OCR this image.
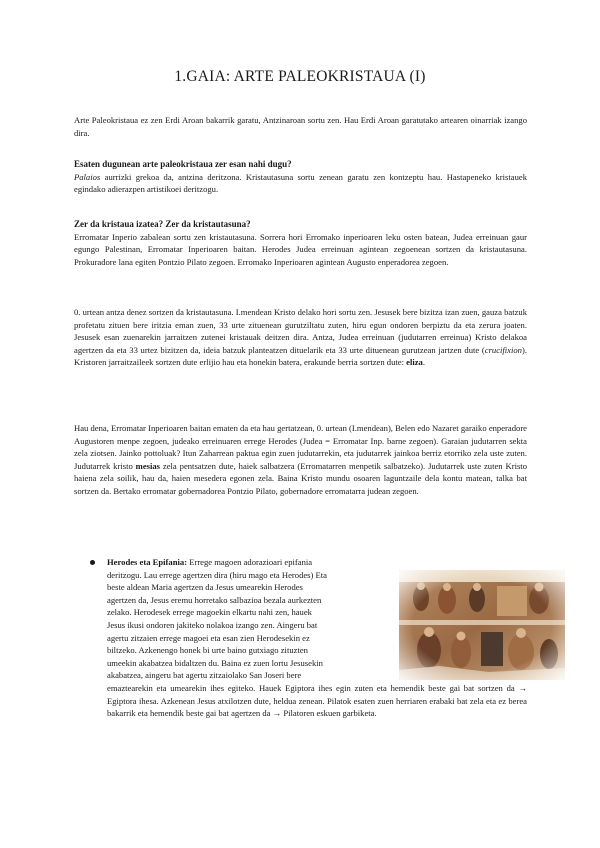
1.GAIA: ARTE PALEOKRISTAUA (I)

Arte Paleokristaua ez zen Erdi Aroan bakarrik garatu, Antzinaroan sortu zen. Hau Erdi Aroan garatutako artearen oinarriak izango dira.

Esaten dugunean arte paleokristaua zer esan nahi dugu?

Palaios aurrizki grekoa da, antzina deritzona. Kristautasuna sortu zenean garatu zen kontzeptu hau. Hastapeneko kristauek egindako adierazpen artistikoei deritzogu.

Zer da kristaua izatea? Zer da kristautasuna?

Erromatar Inperio zabalean sortu zen kristautasuna. Sorrera hori Erromako inperioaren leku osten batean, Judea erreinuan gaur egungo Palestinan, Erromatar Inperioaren baitan. Herodes Judea erreinuan agintean zegoenean sortzen da kristautasuna. Prokuradore lana egiten Pontzio Pilato zegoen. Erromako Inperioaren agintean Augusto enperadorea zegoen.

0. urtean antza denez sortzen da kristautasuna. I.mendean Kristo delako hori sortu zen. Jesusek bere bizitza izan zuen, gauza batzuk profetatu zituen bere iritzia eman zuen, 33 urte zituenean gurutziltatu zuten, hiru egun ondoren berpiztu da eta zerura joaten. Jesusek esan zuenarekin jarraitzen zutenei kristauak deitzen dira. Antza, Judea erreinuan (judutarren erreinua) Kristo delakoa agertzen da eta 33 urtez bizitzen da, ideia batzuk planteatzen dituelarik eta 33 urte dituenean gurutzean jartzen dute (crucifixion). Kristoren jarraitzaileek sortzen dute erlijio hau eta honekin batera, erakunde berria sortzen dute: eliza.

Hau dena, Erromatar Inperioaren baitan ematen da eta hau gertatzean, 0. urtean (I.mendean), Belen edo Nazaret garaiko enperadore Augustoren menpe zegoen, judeako erreinuaren errege Herodes (Judea = Erromatar Inp. barne zegoen). Garaian judutarren sekta zela ziotsen. Jainko pottoluak? Itun Zaharrean paktua egin zuen judutarrekin, eta judutarrek jainkoa berriz etorriko zela uste zuten. Judutarrek kristo mesias zela pentsatzen dute, haiek salbatzera (Erromatarren menpetik salbatzeko). Judutarrek uste zuten Kristo haiena zela soilik, hau da, haien mesedera egonen zela. Baina Kristo mundu osoaren laguntzaile dela kontu matean, talka bat sortzen da. Bertako erromatar gobernadorea Pontzio Pilato, gobernadore erromatarra judean zegoen.

Herodes eta Epifania: Errege magoen adorazioari epifania
deritzogu. Lau errege agertzen dira (hiru mago eta Herodes) Eta
beste aldean Maria agertzen da Jesus umearekin Herodes
agertzen da, Jesus eremu horretako salbazioa bezala aurkezten
zelako. Herodesek errege magoekin elkartu nahi zen, hauek
Jesus ikusi ondoren jakiteko nolakoa izango zen. Aingeru bat
agertu zitzaien errege magoei eta esan zien Herodesekin ez
biltzeko. Azkenengo honek bi urte baino gutxiago zituzten
umeekin akabatzea bidaltzen du. Baina ez zuen lortu Jesusekin
akabatzea, aingeru bat agertu zitzaiolako San Joseri bere

emaztearekin eta umearekin ihes egiteko. Hauek Egiptora ihes egin zuten eta hemendik beste gai bat sortzen da → Egiptora ihesa. Azkenean Jesus atxilotzen dute, heldua zenean. Pilatok esaten zuen herriaren erabaki bat zela eta ez berea bakarrik eta hemendik beste gai bat agertzen da → Pilatoren eskuen garbiketa.
